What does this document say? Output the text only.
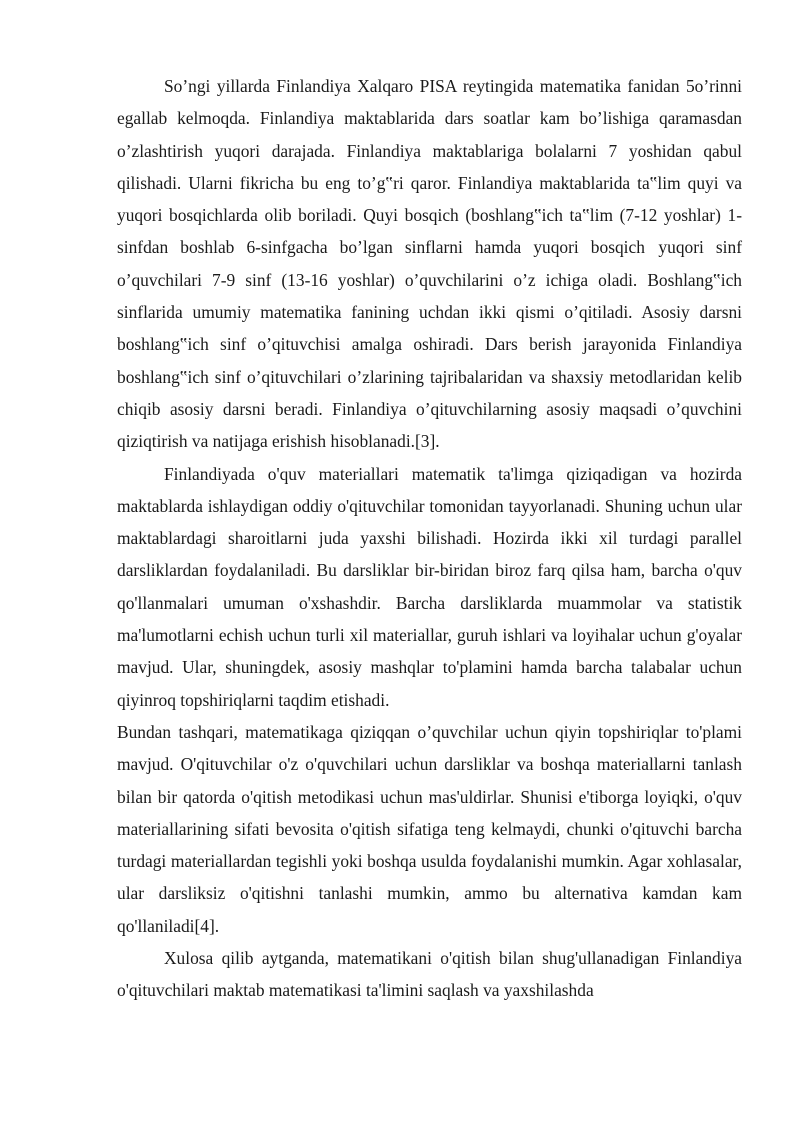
So’ngi yillarda Finlandiya Xalqaro PISA reytingida matematika fanidan 5o’rinni egallab kelmoqda. Finlandiya maktablarida dars soatlar kam bo’lishiga qaramasdan o’zlashtirish yuqori darajada. Finlandiya maktablariga bolalarni 7 yoshidan qabul qilishadi. Ularni fikricha bu eng to’g‟ri qaror. Finlandiya maktablarida ta‟lim quyi va yuqori bosqichlarda olib boriladi. Quyi bosqich (boshlang‟ich ta‟lim (7-12 yoshlar) 1-sinfdan boshlab 6-sinfgacha bo’lgan sinflarni hamda yuqori bosqich yuqori sinf o’quvchilari 7-9 sinf (13-16 yoshlar) o’quvchilarini o’z ichiga oladi. Boshlang‟ich sinflarida umumiy matematika fanining uchdan ikki qismi o’qitiladi. Asosiy darsni boshlang‟ich sinf o’qituvchisi amalga oshiradi. Dars berish jarayonida Finlandiya boshlang‟ich sinf o’qituvchilari o’zlarining tajribalaridan va shaxsiy metodlaridan kelib chiqib asosiy darsni beradi. Finlandiya o’qituvchilarning asosiy maqsadi o’quvchini qiziqtirish va natijaga erishish hisoblanadi.[3].

Finlandiyada o'quv materiallari matematik ta'limga qiziqadigan va hozirda maktablarda ishlaydigan oddiy o'qituvchilar tomonidan tayyorlanadi. Shuning uchun ular maktablardagi sharoitlarni juda yaxshi bilishadi. Hozirda ikki xil turdagi parallel darsliklardan foydalaniladi. Bu darsliklar bir-biridan biroz farq qilsa ham, barcha o'quv qo'llanmalari umuman o'xshashdir. Barcha darsliklarda muammolar va statistik ma'lumotlarni echish uchun turli xil materiallar, guruh ishlari va loyihalar uchun g'oyalar mavjud. Ular, shuningdek, asosiy mashqlar to'plamini hamda barcha talabalar uchun qiyinroq topshiriqlarni taqdim etishadi.

Bundan tashqari, matematikaga qiziqqan o’quvchilar uchun qiyin topshiriqlar to'plami mavjud. O'qituvchilar o'z o'quvchilari uchun darsliklar va boshqa materiallarni tanlash bilan bir qatorda o'qitish metodikasi uchun mas'uldirlar. Shunisi e'tiborga loyiqki, o'quv materiallarining sifati bevosita o'qitish sifatiga teng kelmaydi, chunki o'qituvchi barcha turdagi materiallardan tegishli yoki boshqa usulda foydalanishi mumkin. Agar xohlasalar, ular darsliksiz o'qitishni tanlashi mumkin, ammo bu alternativa kamdan kam qo'llaniladi[4].

Xulosa qilib aytganda, matematikani o'qitish bilan shug'ullanadigan Finlandiya o'qituvchilari maktab matematikasi ta'limini saqlash va yaxshilashda
